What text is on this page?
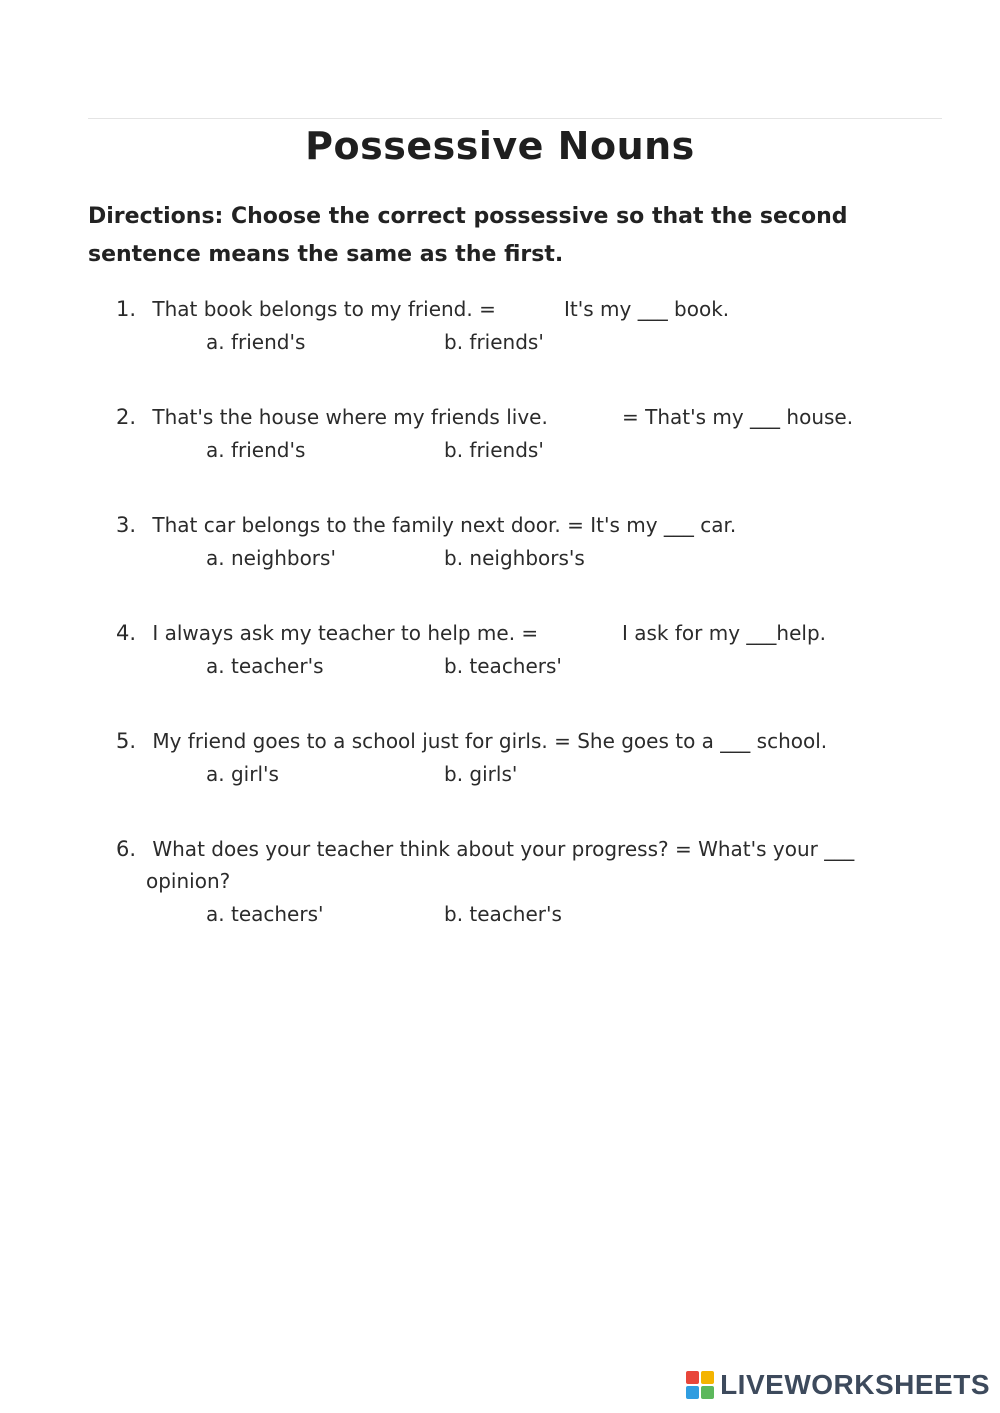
Possessive Nouns
Directions: Choose the correct possessive so that the second sentence means the same as the first.
1. That book belongs to my friend. =	It's my ___ book.
a. friend's	b. friends'
2. That's the house where my friends live.	= That's my ___ house.
a. friend's	b. friends'
3. That car belongs to the family next door. = It's my ___ car.
a. neighbors'	b. neighbors's
4. I always ask my teacher to help me. =	I ask for my ___help.
a. teacher's	b. teachers'
5. My friend goes to a school just for girls. = She goes to a ___ school.
a. girl's	b. girls'
6. What does your teacher think about your progress? = What's your ___
opinion?
a. teachers'	b. teacher's
LIVEWORKSHEETS
